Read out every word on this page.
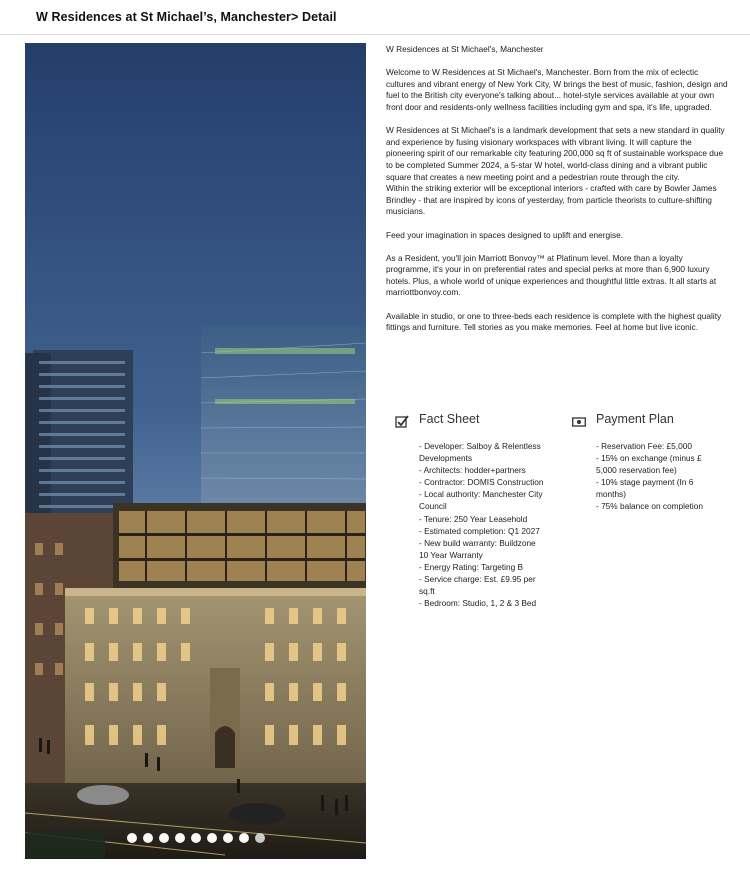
W Residences at St Michael’s, Manchester> Detail

W Residences at St Michael's, Manchester

Welcome to W Residences at St Michael's, Manchester. Born from the mix of eclectic cultures and vibrant energy of New York City, W brings the best of music, fashion, design and fuel to the British city everyone's talking about... hotel-style services available at your own front door and residents-only wellness facilities including gym and spa, it's life, upgraded.

W Residences at St Michael's is a landmark development that sets a new standard in quality and experience by fusing visionary workspaces with vibrant living. It will capture the pioneering spirit of our remarkable city featuring 200,000 sq ft of sustainable workspace due to be completed Summer 2024, a 5-star W hotel, world-class dining and a vibrant public square that creates a new meeting point and a pedestrian route through the city.

Within the striking exterior will be exceptional interiors - crafted with care by Bowler James Brindley - that are inspired by icons of yesterday, from particle theorists to culture-shifting musicians.

Feed your imagination in spaces designed to uplift and energise.

As a Resident, you'll join Marriott Bonvoy™ at Platinum level. More than a loyalty programme, it's your in on preferential rates and special perks at more than 6,900 luxury hotels. Plus, a whole world of unique experiences and thoughtful little extras. It all starts at marriottbonvoy.com.

Available in studio, or one to three-beds each residence is complete with the highest quality fittings and furniture. Tell stories as you make memories. Feel at home but live iconic.

Fact Sheet
- Developer: Salboy & Relentless Developments
- Architects: hodder+partners
- Contractor: DOMIS Construction
- Local authority: Manchester City Council
- Tenure: 250 Year Leasehold
- Estimated completion: Q1 2027
- New build warranty: Buildzone 10 Year Warranty
- Energy Rating: Targeting B
- Service charge: Est. £9.95 per sq.ft
- Bedroom: Studio, 1, 2 & 3 Bed
Payment Plan
- Reservation Fee: £5,000
- 15% on exchange (minus £ 5,000 reservation fee)
- 10% stage payment (In 6 months)
- 75% balance on completion
